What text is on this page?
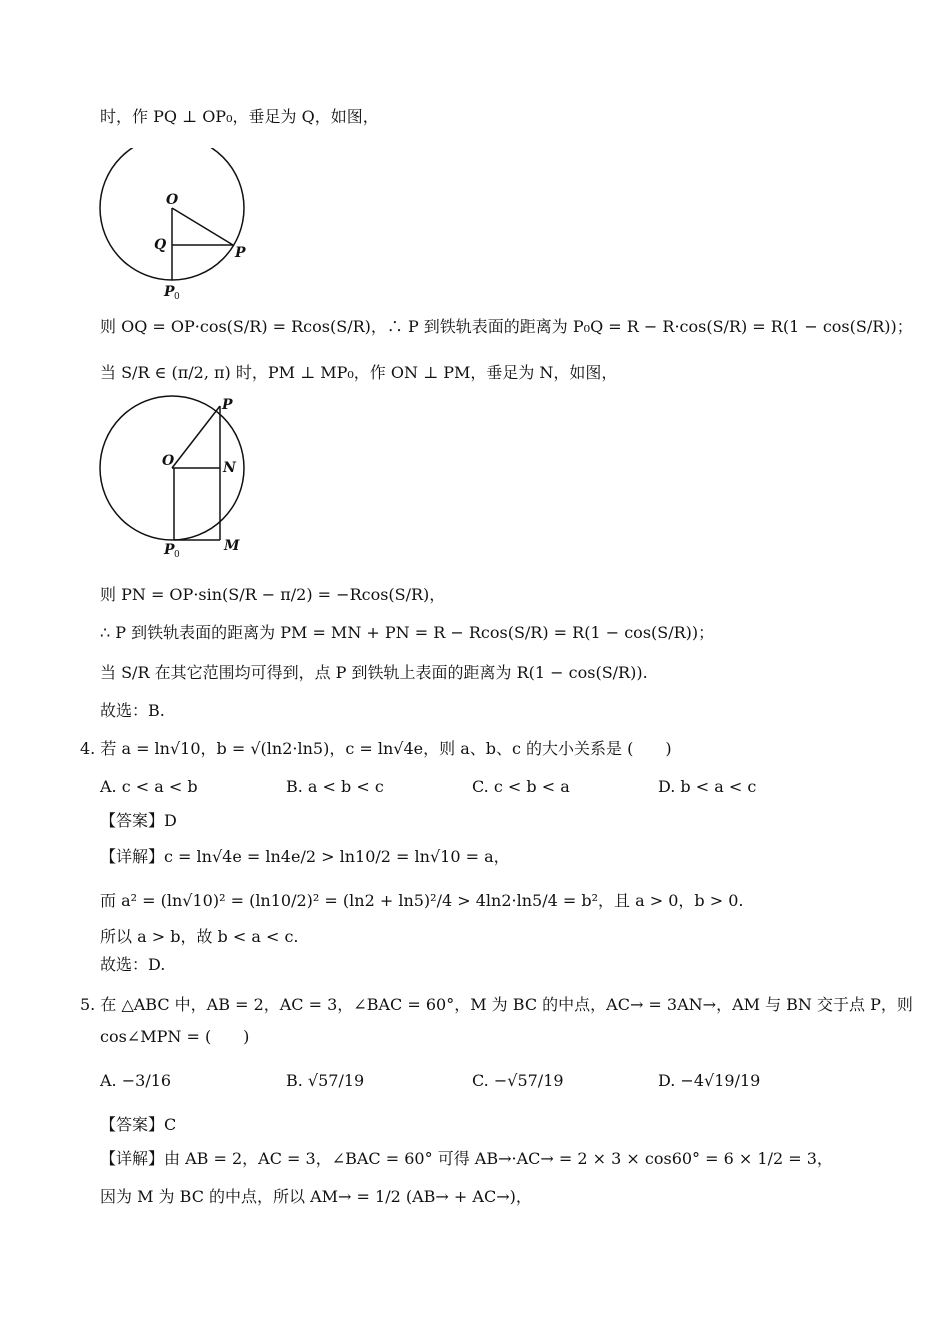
时，作 PQ ⊥ OP₀，垂足为 Q，如图，
O
Q	P
P 0
则 OQ = OP·cos(S/R) = Rcos(S/R)，∴ P 到铁轨表面的距离为 P₀Q = R − R·cos(S/R) = R(1 − cos(S/R))；
当 S/R ∈ (π/2, π) 时，PM ⊥ MP₀，作 ON ⊥ PM，垂足为 N，如图，
O	N
P
M
P 0
则 PN = OP·sin(S/R − π/2) = −Rcos(S/R)，
∴ P 到铁轨表面的距离为 PM = MN + PN = R − Rcos(S/R) = R(1 − cos(S/R))；
当 S/R 在其它范围均可得到，点 P 到铁轨上表面的距离为 R(1 − cos(S/R)).
故选：B.
4. 若 a = ln√10，b = √(ln2·ln5)，c = ln√4e，则 a、b、c 的大小关系是 (　　)
A. c < a < b	B. a < b < c	C. c < b < a	D. b < a < c
【答案】D
【详解】c = ln√4e = ln4e/2 > ln10/2 = ln√10 = a，
而 a² = (ln√10)² = (ln10/2)² = (ln2 + ln5)²/4 > 4ln2·ln5/4 = b²，且 a > 0，b > 0.
所以 a > b，故 b < a < c.
故选：D.
5. 在 △ABC 中，AB = 2，AC = 3，∠BAC = 60°，M 为 BC 的中点，AC→ = 3AN→，AM 与 BN 交于点 P，则
cos∠MPN = (　　)
A. −3/16	B. √57/19	C. −√57/19	D. −4√19/19
【答案】C
【详解】由 AB = 2，AC = 3，∠BAC = 60° 可得 AB→·AC→ = 2 × 3 × cos60° = 6 × 1/2 = 3，
因为 M 为 BC 的中点，所以 AM→ = 1/2 (AB→ + AC→)，
